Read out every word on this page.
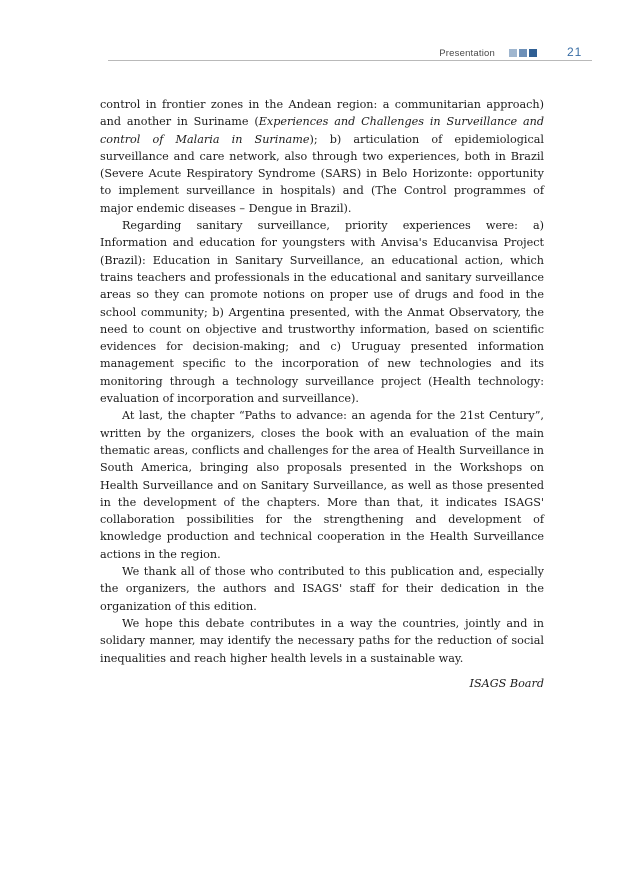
Presentation	21

control in frontier zones in the Andean region: a communitarian approach) and another in Suriname (Experiences and Challenges in Surveillance and control of Malaria in Suriname); b) articulation of epidemiological surveillance and care network, also through two experiences, both in Brazil (Severe Acute Respiratory Syndrome (SARS) in Belo Horizonte: opportunity to implement surveillance in hospitals) and (The Control programmes of major endemic diseases – Dengue in Brazil).

Regarding sanitary surveillance, priority experiences were: a) Information and education for youngsters with Anvisa's Educanvisa Project (Brazil): Education in Sanitary Surveillance, an educational action, which trains teachers and professionals in the educational and sanitary surveillance areas so they can promote notions on proper use of drugs and food in the school community; b) Argentina presented, with the Anmat Observatory, the need to count on objective and trustworthy information, based on scientific evidences for decision-making; and c) Uruguay presented information management specific to the incorporation of new technologies and its monitoring through a technology surveillance project (Health technology: evaluation of incorporation and surveillance).

At last, the chapter “Paths to advance: an agenda for the 21st Century”, written by the organizers, closes the book with an evaluation of the main thematic areas, conflicts and challenges for the area of Health Surveillance in South America, bringing also proposals presented in the Workshops on Health Surveillance and on Sanitary Surveillance, as well as those presented in the development of the chapters. More than that, it indicates ISAGS' collaboration possibilities for the strengthening and development of knowledge production and technical cooperation in the Health Surveillance actions in the region.

We thank all of those who contributed to this publication and, especially the organizers, the authors and ISAGS' staff for their dedication in the organization of this edition.

We hope this debate contributes in a way the countries, jointly and in solidary manner, may identify the necessary paths for the reduction of social inequalities and reach higher health levels in a sustainable way.

ISAGS Board
